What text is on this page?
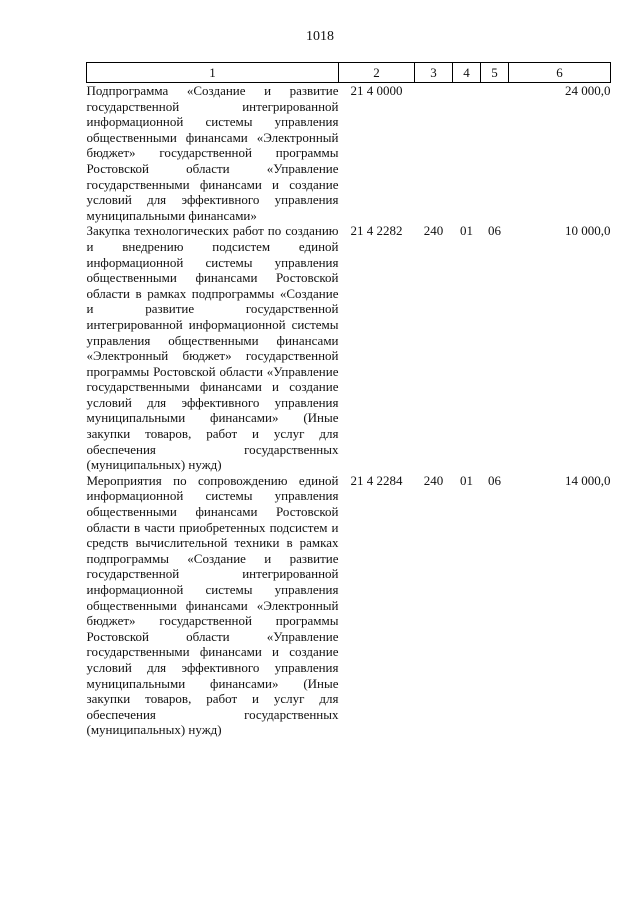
1018
1	2	3	4	5	6
Подпрограмма «Создание и развитие государственной интегрированной информационной системы управления общественными финансами «Электронный бюджет» государственной программы Ростовской области «Управление государственными финансами и создание условий для эффективного управления муниципальными финансами»	21 4 0000				24 000,0
Закупка технологических работ по созданию и внедрению подсистем единой информационной системы управления общественными финансами Ростовской области в рамках подпрограммы «Создание и развитие государственной интегрированной информационной системы управления общественными финансами «Электронный бюджет» государственной программы Ростовской области «Управление государственными финансами и создание условий для эффективного управления муниципальными финансами» (Иные закупки товаров, работ и услуг для обеспечения государственных (муниципальных) нужд)	21 4 2282	240	01	06	10 000,0
Мероприятия по сопровождению единой информационной системы управления общественными финансами Ростовской области в части приобретенных подсистем и средств вычислительной техники в рамках подпрограммы «Создание и развитие государственной интегрированной информационной системы управления общественными финансами «Электронный бюджет» государственной программы Ростовской области «Управление государственными финансами и создание условий для эффективного управления муниципальными финансами» (Иные закупки товаров, работ и услуг для обеспечения государственных (муниципальных) нужд)	21 4 2284	240	01	06	14 000,0
